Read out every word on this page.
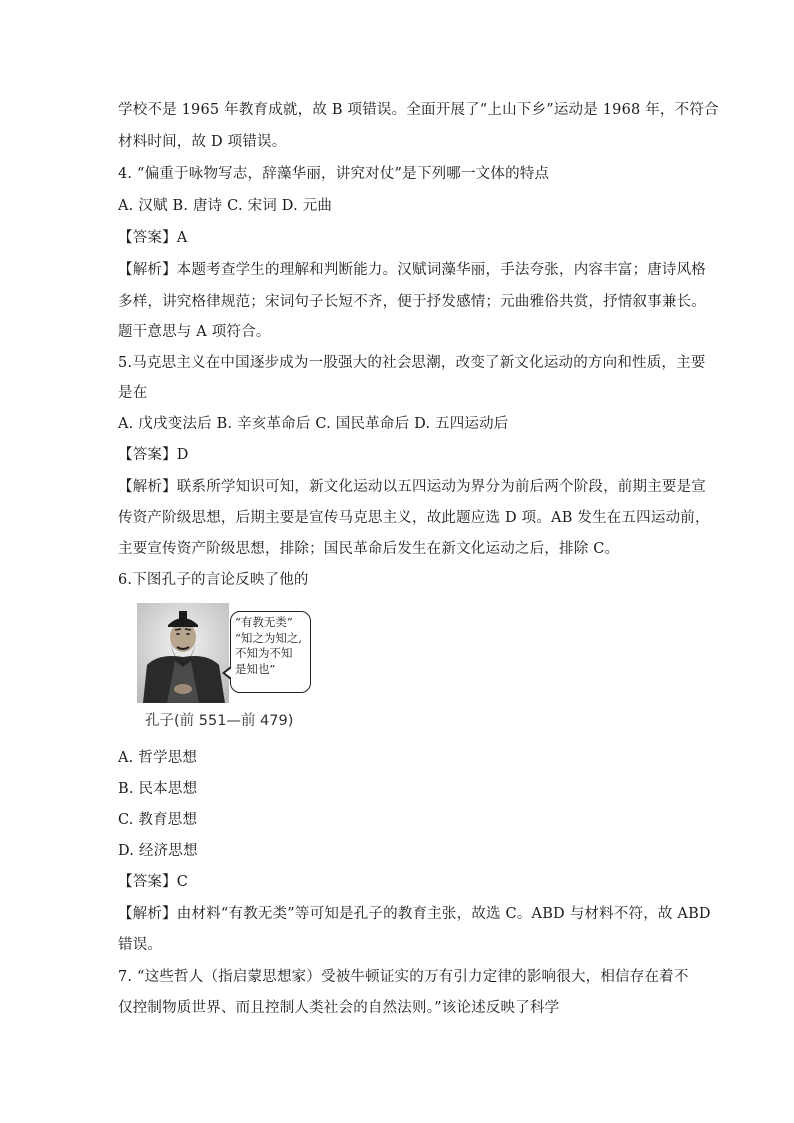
学校不是 1965 年教育成就，故 B 项错误。全面开展了“上山下乡”运动是 1968 年，不符合
材料时间，故 D 项错误。
4. “偏重于咏物写志，辞藻华丽，讲究对仗”是下列哪一文体的特点
A. 汉赋 B. 唐诗 C. 宋词 D. 元曲
【答案】A
【解析】本题考查学生的理解和判断能力。汉赋词藻华丽，手法夸张，内容丰富；唐诗风格
多样，讲究格律规范；宋词句子长短不齐，便于抒发感情；元曲雅俗共赏，抒情叙事兼长。
题干意思与 A 项符合。
5.马克思主义在中国逐步成为一股强大的社会思潮，改变了新文化运动的方向和性质，主要
是在
A. 戊戌变法后 B. 辛亥革命后 C. 国民革命后 D. 五四运动后
【答案】D
【解析】联系所学知识可知，新文化运动以五四运动为界分为前后两个阶段，前期主要是宣
传资产阶级思想，后期主要是宣传马克思主义，故此题应选 D 项。AB 发生在五四运动前，
主要宣传资产阶级思想，排除；国民革命后发生在新文化运动之后，排除 C。
6.下图孔子的言论反映了他的

“有教无类”

“知之为知之,

不知为不知

是知也”

孔子(前 551—前 479)
A. 哲学思想
B. 民本思想
C. 教育思想
D. 经济思想
【答案】C
【解析】由材料“有教无类”等可知是孔子的教育主张，故选 C。ABD 与材料不符，故 ABD
错误。
7. “这些哲人（指启蒙思想家）受被牛顿证实的万有引力定律的影响很大，相信存在着不
仅控制物质世界、而且控制人类社会的自然法则。”该论述反映了科学
